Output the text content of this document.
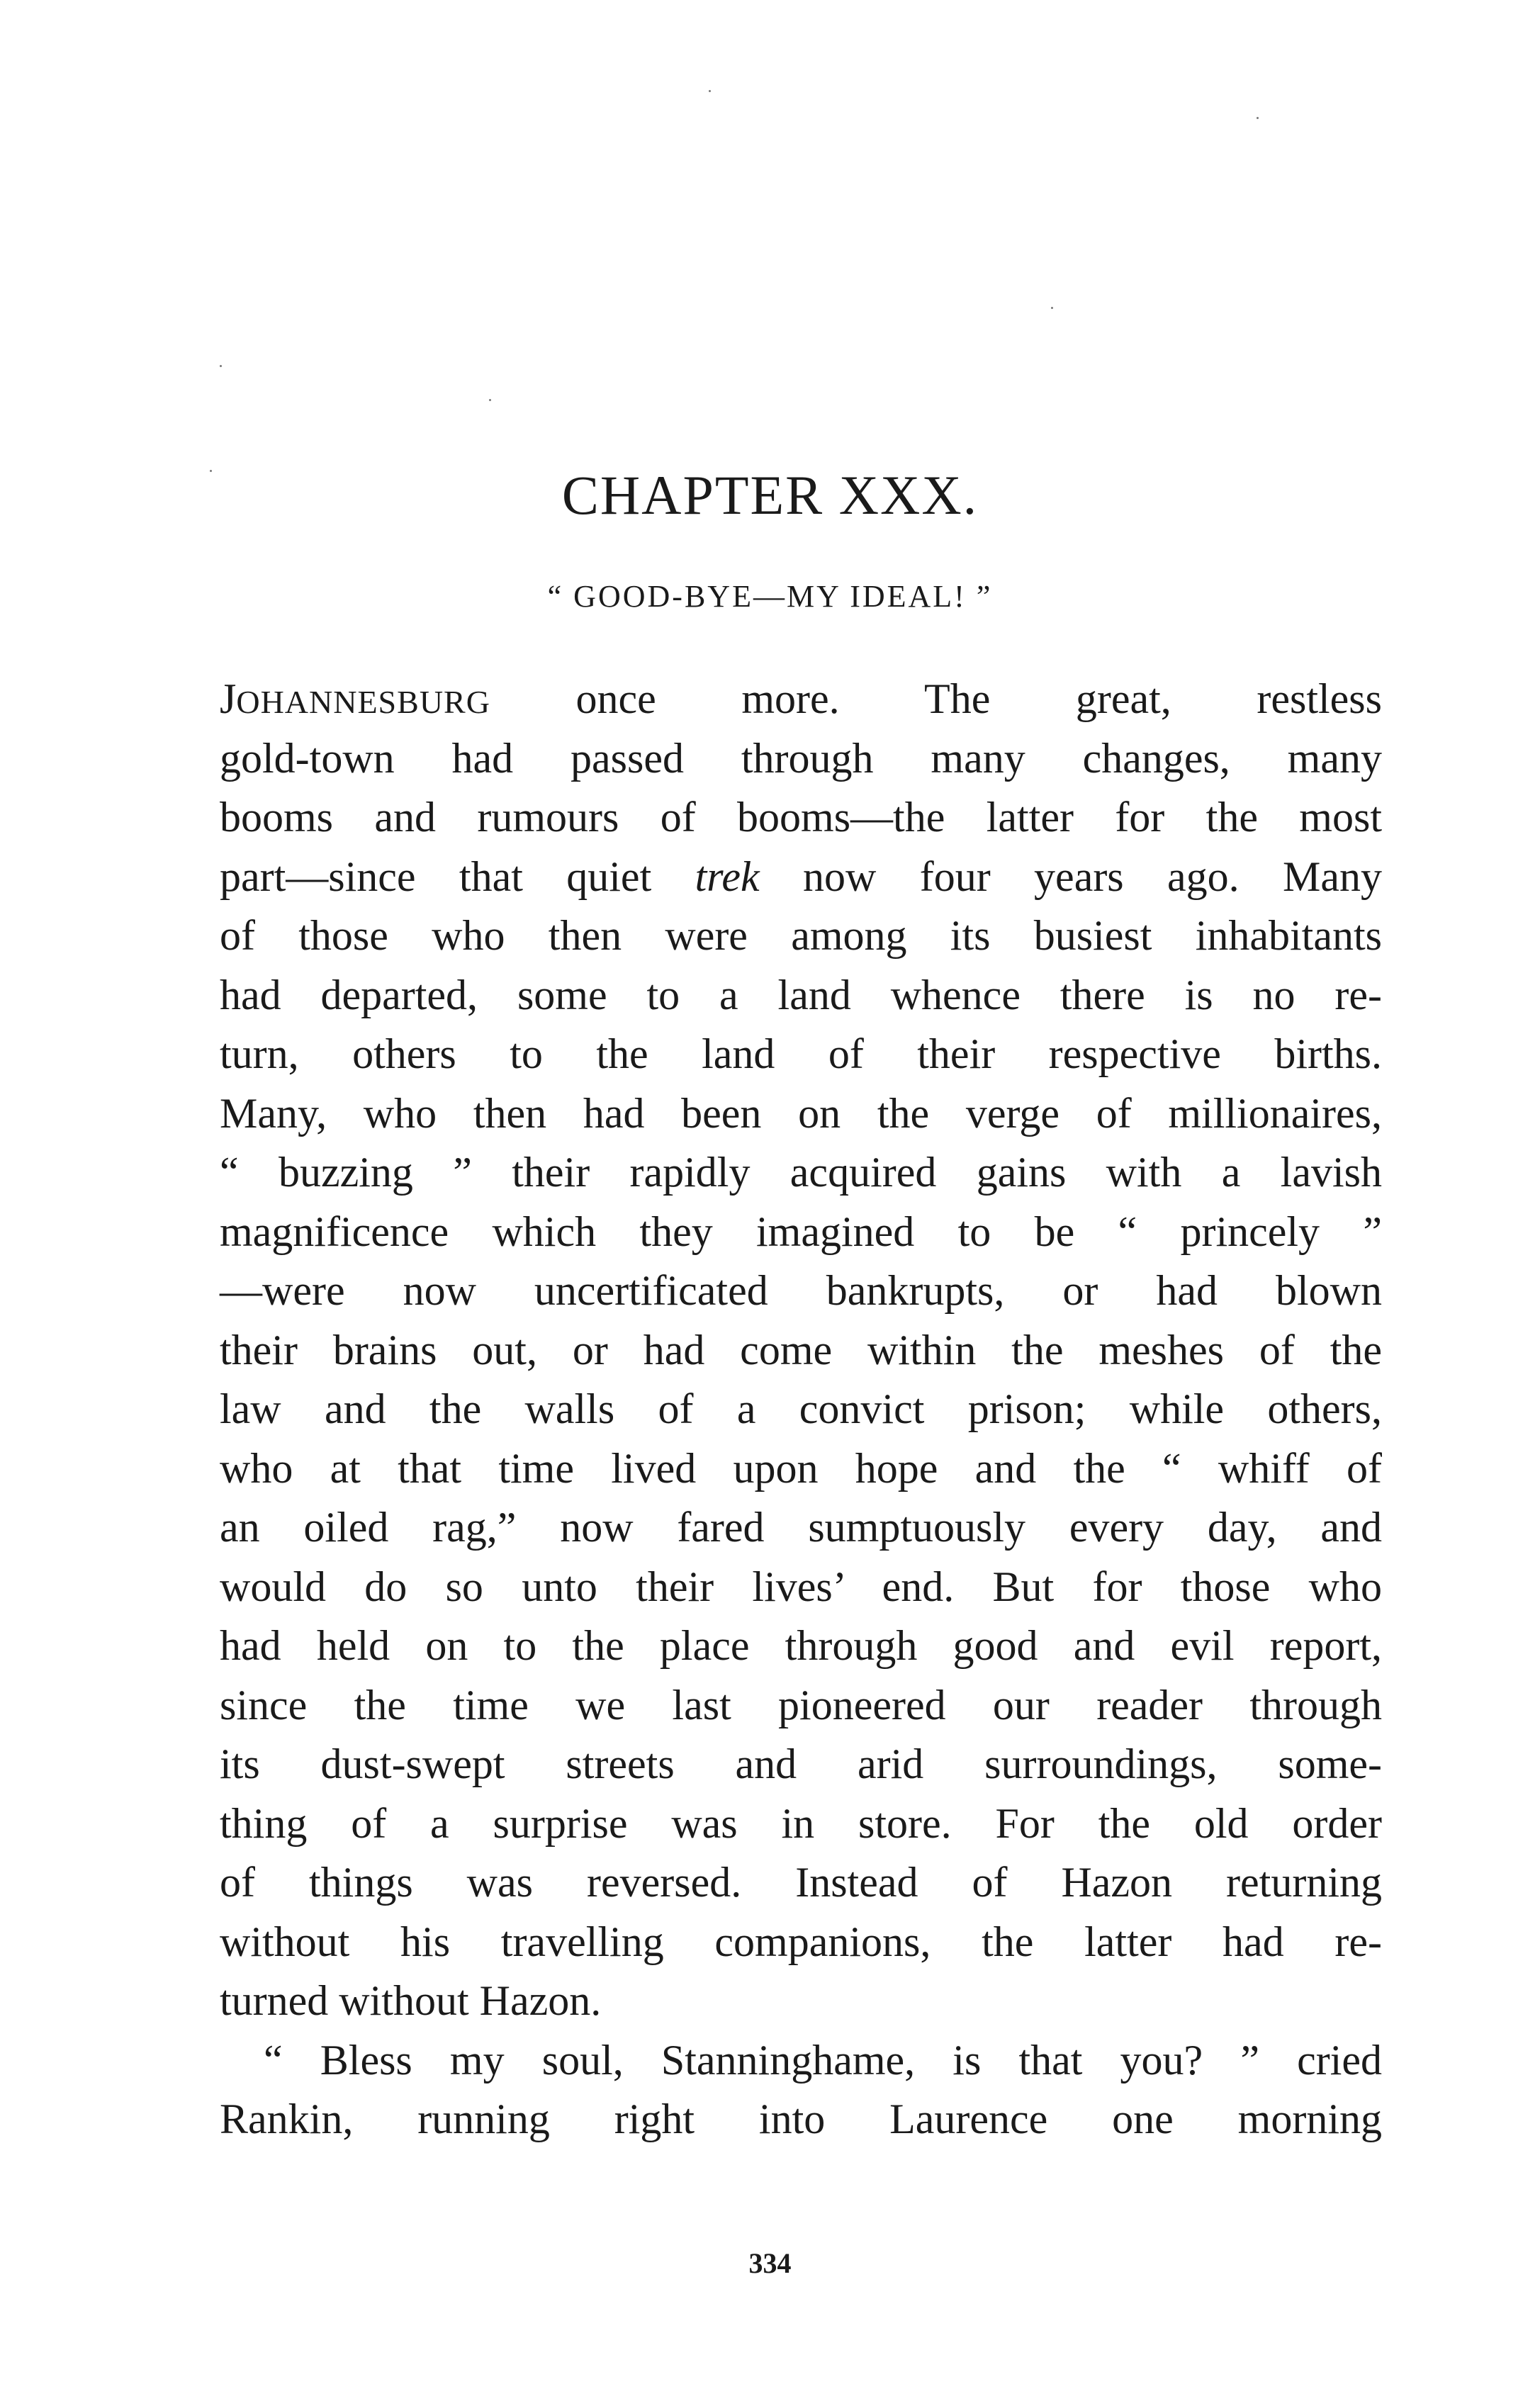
CHAPTER XXX.
“ GOOD-BYE—MY IDEAL! ”
JOHANNESBURG once more. The great, restless
gold-town had passed through many changes, many
booms and rumours of booms—the latter for the most
part—since that quiet trek now four years ago. Many
of those who then were among its busiest inhabitants
had departed, some to a land whence there is no re-
turn, others to the land of their respective births.
Many, who then had been on the verge of millionaires,
“ buzzing ” their rapidly acquired gains with a lavish
magnificence which they imagined to be “ princely ”
—were now uncertificated bankrupts, or had blown
their brains out, or had come within the meshes of the
law and the walls of a convict prison; while others,
who at that time lived upon hope and the “ whiff of
an oiled rag,” now fared sumptuously every day, and
would do so unto their lives’ end. But for those who
had held on to the place through good and evil report,
since the time we last pioneered our reader through
its dust-swept streets and arid surroundings, some-
thing of a surprise was in store. For the old order
of things was reversed. Instead of Hazon returning
without his travelling companions, the latter had re-
turned without Hazon.
“ Bless my soul, Stanninghame, is that you? ” cried
Rankin, running right into Laurence one morning
334
